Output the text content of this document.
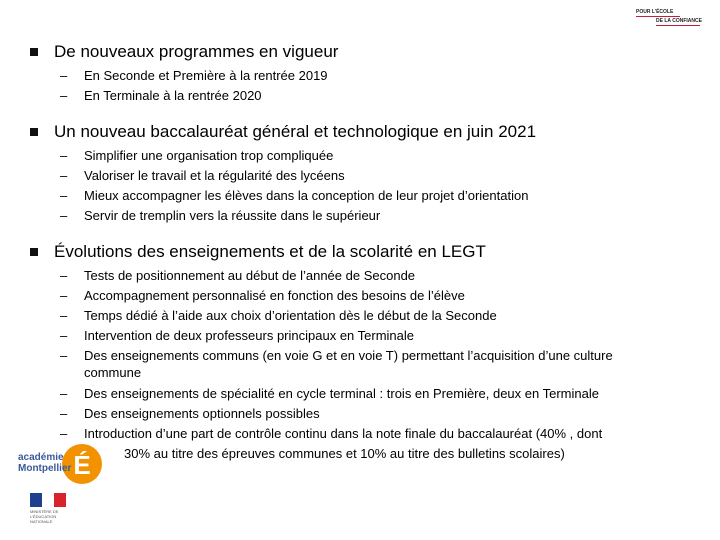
POUR L'ÉCOLE
DE LA CONFIANCE
De nouveaux programmes en vigueur
– En Seconde et Première à la rentrée 2019
– En Terminale à la rentrée 2020
Un nouveau baccalauréat général et technologique en juin 2021
– Simplifier une organisation trop compliquée
– Valoriser le travail et la régularité des lycéens
– Mieux accompagner les élèves dans la conception de leur projet d’orientation
– Servir de tremplin vers la réussite dans le supérieur
Évolutions des enseignements et de la scolarité en LEGT
– Tests de positionnement au début de l’année de Seconde
– Accompagnement personnalisé en fonction des besoins de l’élève
– Temps dédié à l’aide aux choix d’orientation dès le début de la Seconde
– Intervention de deux professeurs principaux en Terminale
– Des enseignements communs (en voie G et en voie T) permettant l’acquisition d’une culture
commune
– Des enseignements de spécialité en cycle terminal : trois en Première, deux en Terminale
– Des enseignements optionnels possibles
– Introduction d’une part de contrôle continu dans la note finale du baccalauréat (40% , dont
30% au titre des épreuves communes et 10% au titre des bulletins scolaires)
É
académie
Montpellier
MINISTÈRE DE L'ÉDUCATION NATIONALE
